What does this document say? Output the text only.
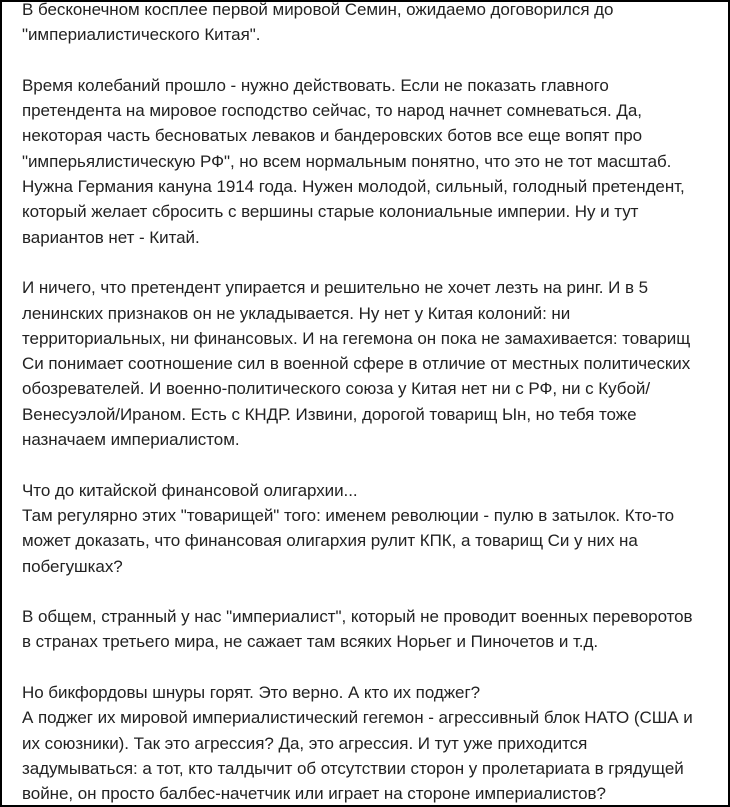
В бесконечном косплее первой мировой Семин, ожидаемо договорился до
"империалистического Китая".
Время колебаний прошло - нужно действовать. Если не показать главного
претендента на мировое господство сейчас, то народ начнет сомневаться. Да,
некоторая часть бесноватых леваков и бандеровских ботов все еще вопят про
"имперьялистическую РФ", но всем нормальным понятно, что это не тот масштаб.
Нужна Германия кануна 1914 года. Нужен молодой, сильный, голодный претендент,
который желает сбросить с вершины старые колониальные империи. Ну и тут
вариантов нет - Китай.
И ничего, что претендент упирается и решительно не хочет лезть на ринг. И в 5
ленинских признаков он не укладывается. Ну нет у Китая колоний: ни
территориальных, ни финансовых. И на гегемона он пока не замахивается: товарищ
Си понимает соотношение сил в военной сфере в отличие от местных политических
обозревателей. И военно-политического союза у Китая нет ни с РФ, ни с Кубой/
Венесуэлой/Ираном. Есть с КНДР. Извини, дорогой товарищ Ын, но тебя тоже
назначаем империалистом.
Что до китайской финансовой олигархии...
Там регулярно этих "товарищей" того: именем революции - пулю в затылок. Кто-то
может доказать, что финансовая олигархия рулит КПК, а товарищ Си у них на
побегушках?
В общем, странный у нас "империалист", который не проводит военных переворотов
в странах третьего мира, не сажает там всяких Норьег и Пиночетов и т.д.
Но бикфордовы шнуры горят. Это верно. А кто их поджег?
А поджег их мировой империалистический гегемон - агрессивный блок НАТО (США и
их союзники). Так это агрессия? Да, это агрессия. И тут уже приходится
задумываться: а тот, кто талдычит об отсутствии сторон у пролетариата в грядущей
войне, он просто балбес-начетчик или играет на стороне империалистов?
